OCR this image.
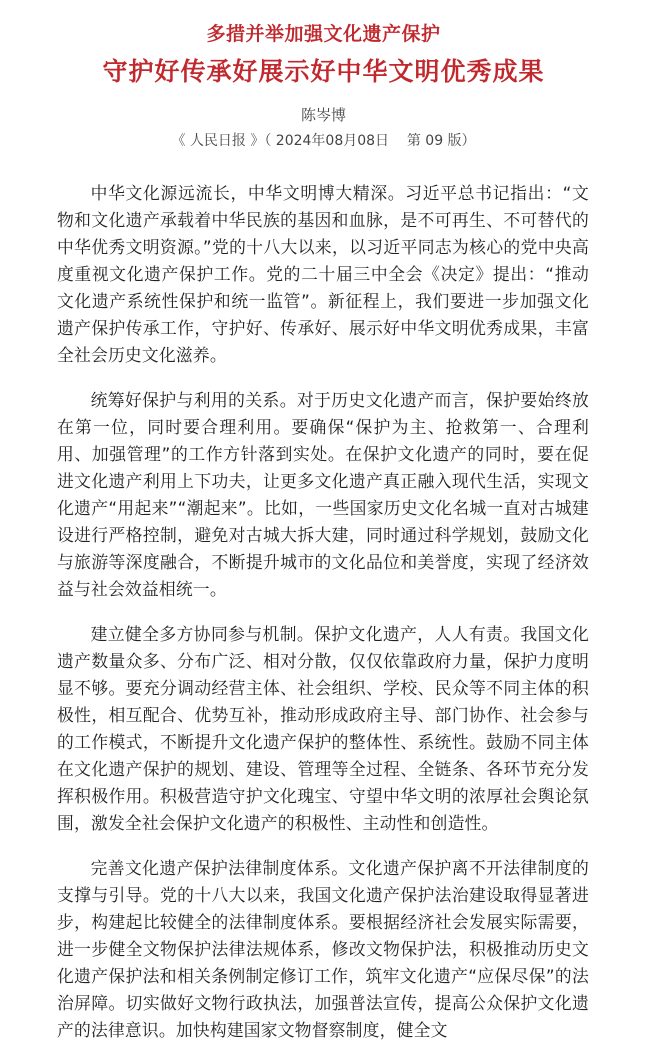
多措并举加强文化遗产保护
守护好传承好展示好中华文明优秀成果
陈岑博
《 人民日报 》（ 2024年08月08日    第 09 版）

中华文化源远流长，中华文明博大精深。习近平总书记指出：“文物和文化遗产承载着中华民族的基因和血脉，是不可再生、不可替代的中华优秀文明资源。”党的十八大以来，以习近平同志为核心的党中央高度重视文化遗产保护工作。党的二十届三中全会《决定》提出：“推动文化遗产系统性保护和统一监管”。新征程上，我们要进一步加强文化遗产保护传承工作，守护好、传承好、展示好中华文明优秀成果，丰富全社会历史文化滋养。

统筹好保护与利用的关系。对于历史文化遗产而言，保护要始终放在第一位，同时要合理利用。要确保“保护为主、抢救第一、合理利用、加强管理”的工作方针落到实处。在保护文化遗产的同时，要在促进文化遗产利用上下功夫，让更多文化遗产真正融入现代生活，实现文化遗产“用起来”“潮起来”。比如，一些国家历史文化名城一直对古城建设进行严格控制，避免对古城大拆大建，同时通过科学规划，鼓励文化与旅游等深度融合，不断提升城市的文化品位和美誉度，实现了经济效益与社会效益相统一。

建立健全多方协同参与机制。保护文化遗产，人人有责。我国文化遗产数量众多、分布广泛、相对分散，仅仅依靠政府力量，保护力度明显不够。要充分调动经营主体、社会组织、学校、民众等不同主体的积极性，相互配合、优势互补，推动形成政府主导、部门协作、社会参与的工作模式，不断提升文化遗产保护的整体性、系统性。鼓励不同主体在文化遗产保护的规划、建设、管理等全过程、全链条、各环节充分发挥积极作用。积极营造守护文化瑰宝、守望中华文明的浓厚社会舆论氛围，激发全社会保护文化遗产的积极性、主动性和创造性。

完善文化遗产保护法律制度体系。文化遗产保护离不开法律制度的支撑与引导。党的十八大以来，我国文化遗产保护法治建设取得显著进步，构建起比较健全的法律制度体系。要根据经济社会发展实际需要，进一步健全文物保护法律法规体系，修改文物保护法，积极推动历史文化遗产保护法和相关条例制定修订工作，筑牢文化遗产“应保尽保”的法治屏障。切实做好文物行政执法，加强普法宣传，提高公众保护文化遗产的法律意识。加快构建国家文物督察制度，健全文
